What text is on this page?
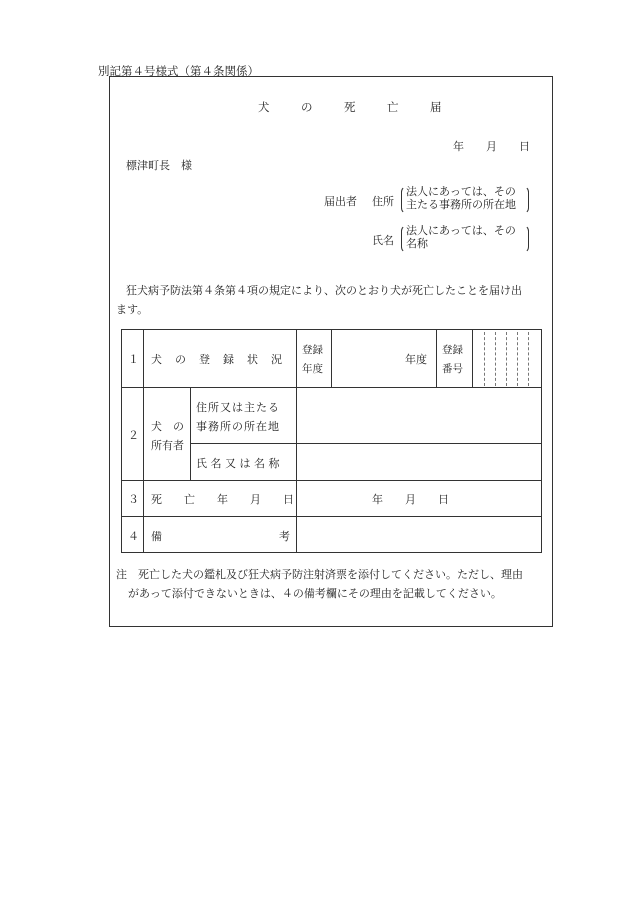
別記第４号様式（第４条関係）
犬　の　死　亡　届
年　　月　　日
標津町長　様
届出者 住所
法人にあっては、その
主たる事務所の所在地
氏名
法人にあっては、その
名称
狂犬病予防法第４条第４項の規定により、次のとおり犬が死亡したことを届け出
ます。
１ 犬　の　登　録　状　況
登録
年度
年度
登録
番号
２
犬　の
所有者
住所又は主たる
事務所の所在地
氏 名 又 は 名 称
３ 死　　亡　　年　　月　　日	年　　月　　日
４ 備	考
注　死亡した犬の鑑札及び狂犬病予防注射済票を添付してください。ただし、理由
があって添付できないときは、４の備考欄にその理由を記載してください。
